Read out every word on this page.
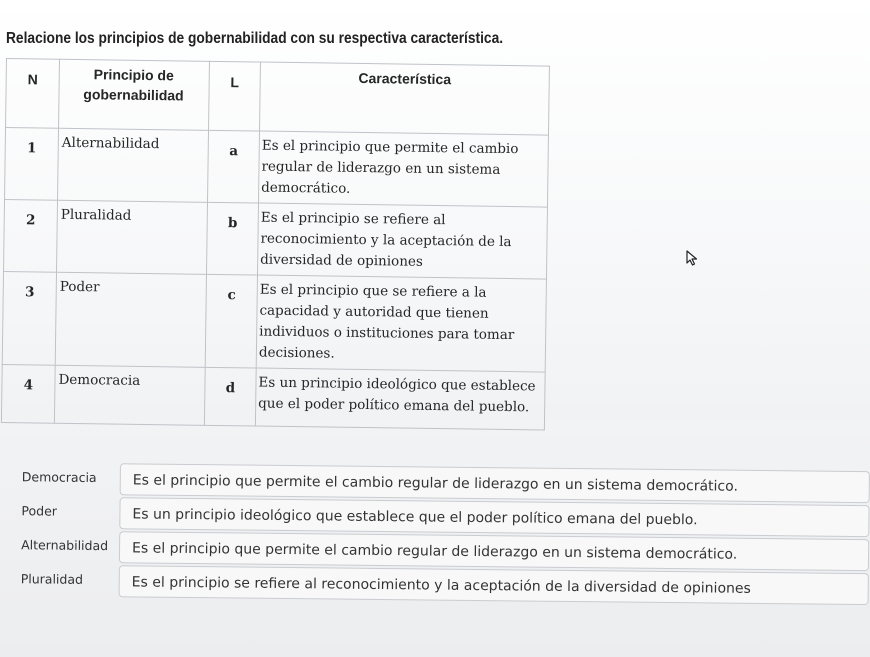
Relacione los principios de gobernabilidad con su respectiva característica.

N	Principio de gobernabilidad	L	Característica
1	Alternabilidad	a	Es el principio que permite el cambio regular de liderazgo en un sistema democrático.
2	Pluralidad	b	Es el principio se refiere al reconocimiento y la aceptación de la diversidad de opiniones
3	Poder	c	Es el principio que se refiere a la capacidad y autoridad que tienen individuos o instituciones para tomar decisiones.
4	Democracia	d	Es un principio ideológico que establece que el poder político emana del pueblo.
Democracia	Es el principio que permite el cambio regular de liderazgo en un sistema democrático.
Poder	Es un principio ideológico que establece que el poder político emana del pueblo.
Alternabilidad	Es el principio que permite el cambio regular de liderazgo en un sistema democrático.
Pluralidad	Es el principio se refiere al reconocimiento y la aceptación de la diversidad de opiniones
